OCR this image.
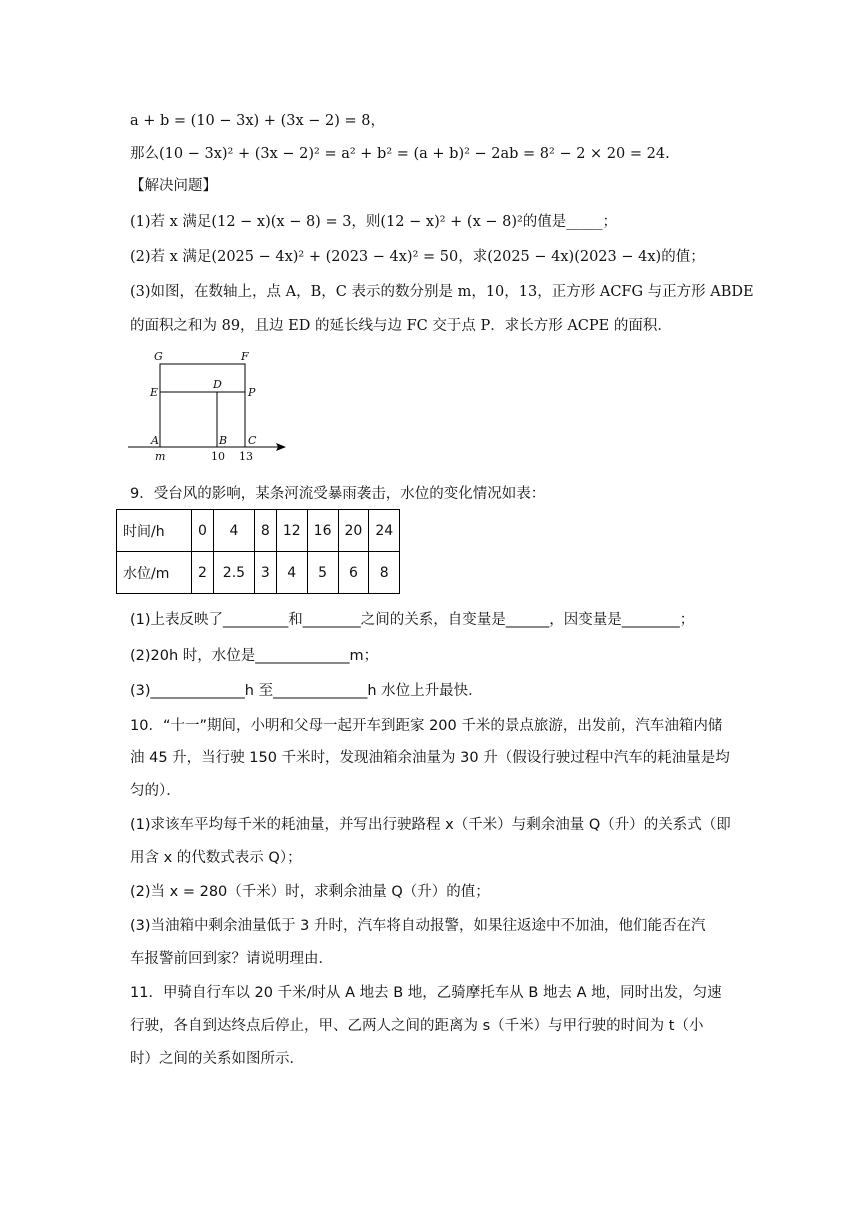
a + b = (10 − 3x) + (3x − 2) = 8，
那么(10 − 3x)² + (3x − 2)² = a² + b² = (a + b)² − 2ab = 8² − 2 × 20 = 24.
【解决问题】
(1)若 x 满足(12 − x)(x − 8) = 3，则(12 − x)² + (x − 8)²的值是_____；
(2)若 x 满足(2025 − 4x)² + (2023 − 4x)² = 50，求(2025 − 4x)(2023 − 4x)的值；
(3)如图，在数轴上，点 A，B，C 表示的数分别是 m，10，13，正方形 ACFG 与正方形 ABDE
的面积之和为 89，且边 ED 的延长线与边 FC 交于点 P．求长方形 ACPE 的面积．
G	F
E
D
P
A	B C
m	10 13
9．受台风的影响，某条河流受暴雨袭击，水位的变化情况如表：
时间/h	0	4	8	12	16	20	24
水位/m	2	2.5	3	4	5	6	8
(1)上表反映了_________和________之间的关系，自变量是______，因变量是________；
(2)20h 时，水位是_____________m；
(3)_____________h 至_____________h 水位上升最快．
10．“十一”期间，小明和父母一起开车到距家 200 千米的景点旅游，出发前，汽车油箱内储
油 45 升，当行驶 150 千米时，发现油箱余油量为 30 升（假设行驶过程中汽车的耗油量是均
匀的）．
(1)求该车平均每千米的耗油量，并写出行驶路程 x（千米）与剩余油量 Q（升）的关系式（即
用含 x 的代数式表示 Q）；
(2)当 x = 280（千米）时，求剩余油量 Q（升）的值；
(3)当油箱中剩余油量低于 3 升时，汽车将自动报警，如果往返途中不加油，他们能否在汽
车报警前回到家？请说明理由．
11．甲骑自行车以 20 千米/时从 A 地去 B 地，乙骑摩托车从 B 地去 A 地，同时出发，匀速
行驶，各自到达终点后停止，甲、乙两人之间的距离为 s（千米）与甲行驶的时间为 t（小
时）之间的关系如图所示．
